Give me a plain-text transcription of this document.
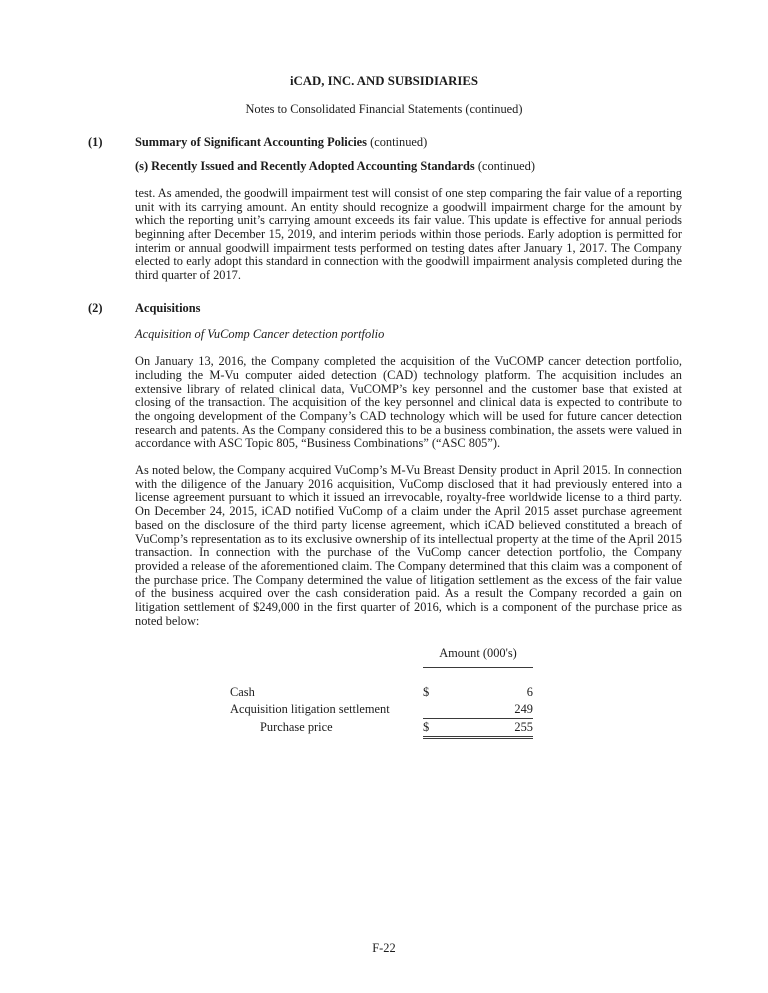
iCAD, INC. AND SUBSIDIARIES
Notes to Consolidated Financial Statements (continued)
(1)	Summary of Significant Accounting Policies (continued)
(s) Recently Issued and Recently Adopted Accounting Standards (continued)
test. As amended, the goodwill impairment test will consist of one step comparing the fair value of a reporting unit with its carrying amount. An entity should recognize a goodwill impairment charge for the amount by which the reporting unit’s carrying amount exceeds its fair value. This update is effective for annual periods beginning after December 15, 2019, and interim periods within those periods. Early adoption is permitted for interim or annual goodwill impairment tests performed on testing dates after January 1, 2017. The Company elected to early adopt this standard in connection with the goodwill impairment analysis completed during the third quarter of 2017.
(2)	Acquisitions
Acquisition of VuComp Cancer detection portfolio
On January 13, 2016, the Company completed the acquisition of the VuCOMP cancer detection portfolio, including the M-Vu computer aided detection (CAD) technology platform. The acquisition includes an extensive library of related clinical data, VuCOMP’s key personnel and the customer base that existed at closing of the transaction. The acquisition of the key personnel and clinical data is expected to contribute to the ongoing development of the Company’s CAD technology which will be used for future cancer detection research and patents. As the Company considered this to be a business combination, the assets were valued in accordance with ASC Topic 805, “Business Combinations” (“ASC 805”).
As noted below, the Company acquired VuComp’s M-Vu Breast Density product in April 2015. In connection with the diligence of the January 2016 acquisition, VuComp disclosed that it had previously entered into a license agreement pursuant to which it issued an irrevocable, royalty-free worldwide license to a third party. On December 24, 2015, iCAD notified VuComp of a claim under the April 2015 asset purchase agreement based on the disclosure of the third party license agreement, which iCAD believed constituted a breach of VuComp’s representation as to its exclusive ownership of its intellectual property at the time of the April 2015 transaction. In connection with the purchase of the VuComp cancer detection portfolio, the Company provided a release of the aforementioned claim. The Company determined that this claim was a component of the purchase price. The Company determined the value of litigation settlement as the excess of the fair value of the business acquired over the cash consideration paid. As a result the Company recorded a gain on litigation settlement of $249,000 in the first quarter of 2016, which is a component of the purchase price as noted below:
Amount (000's)
Cash	$	6
Acquisition litigation settlement	249
Purchase price	$	255
F-22
